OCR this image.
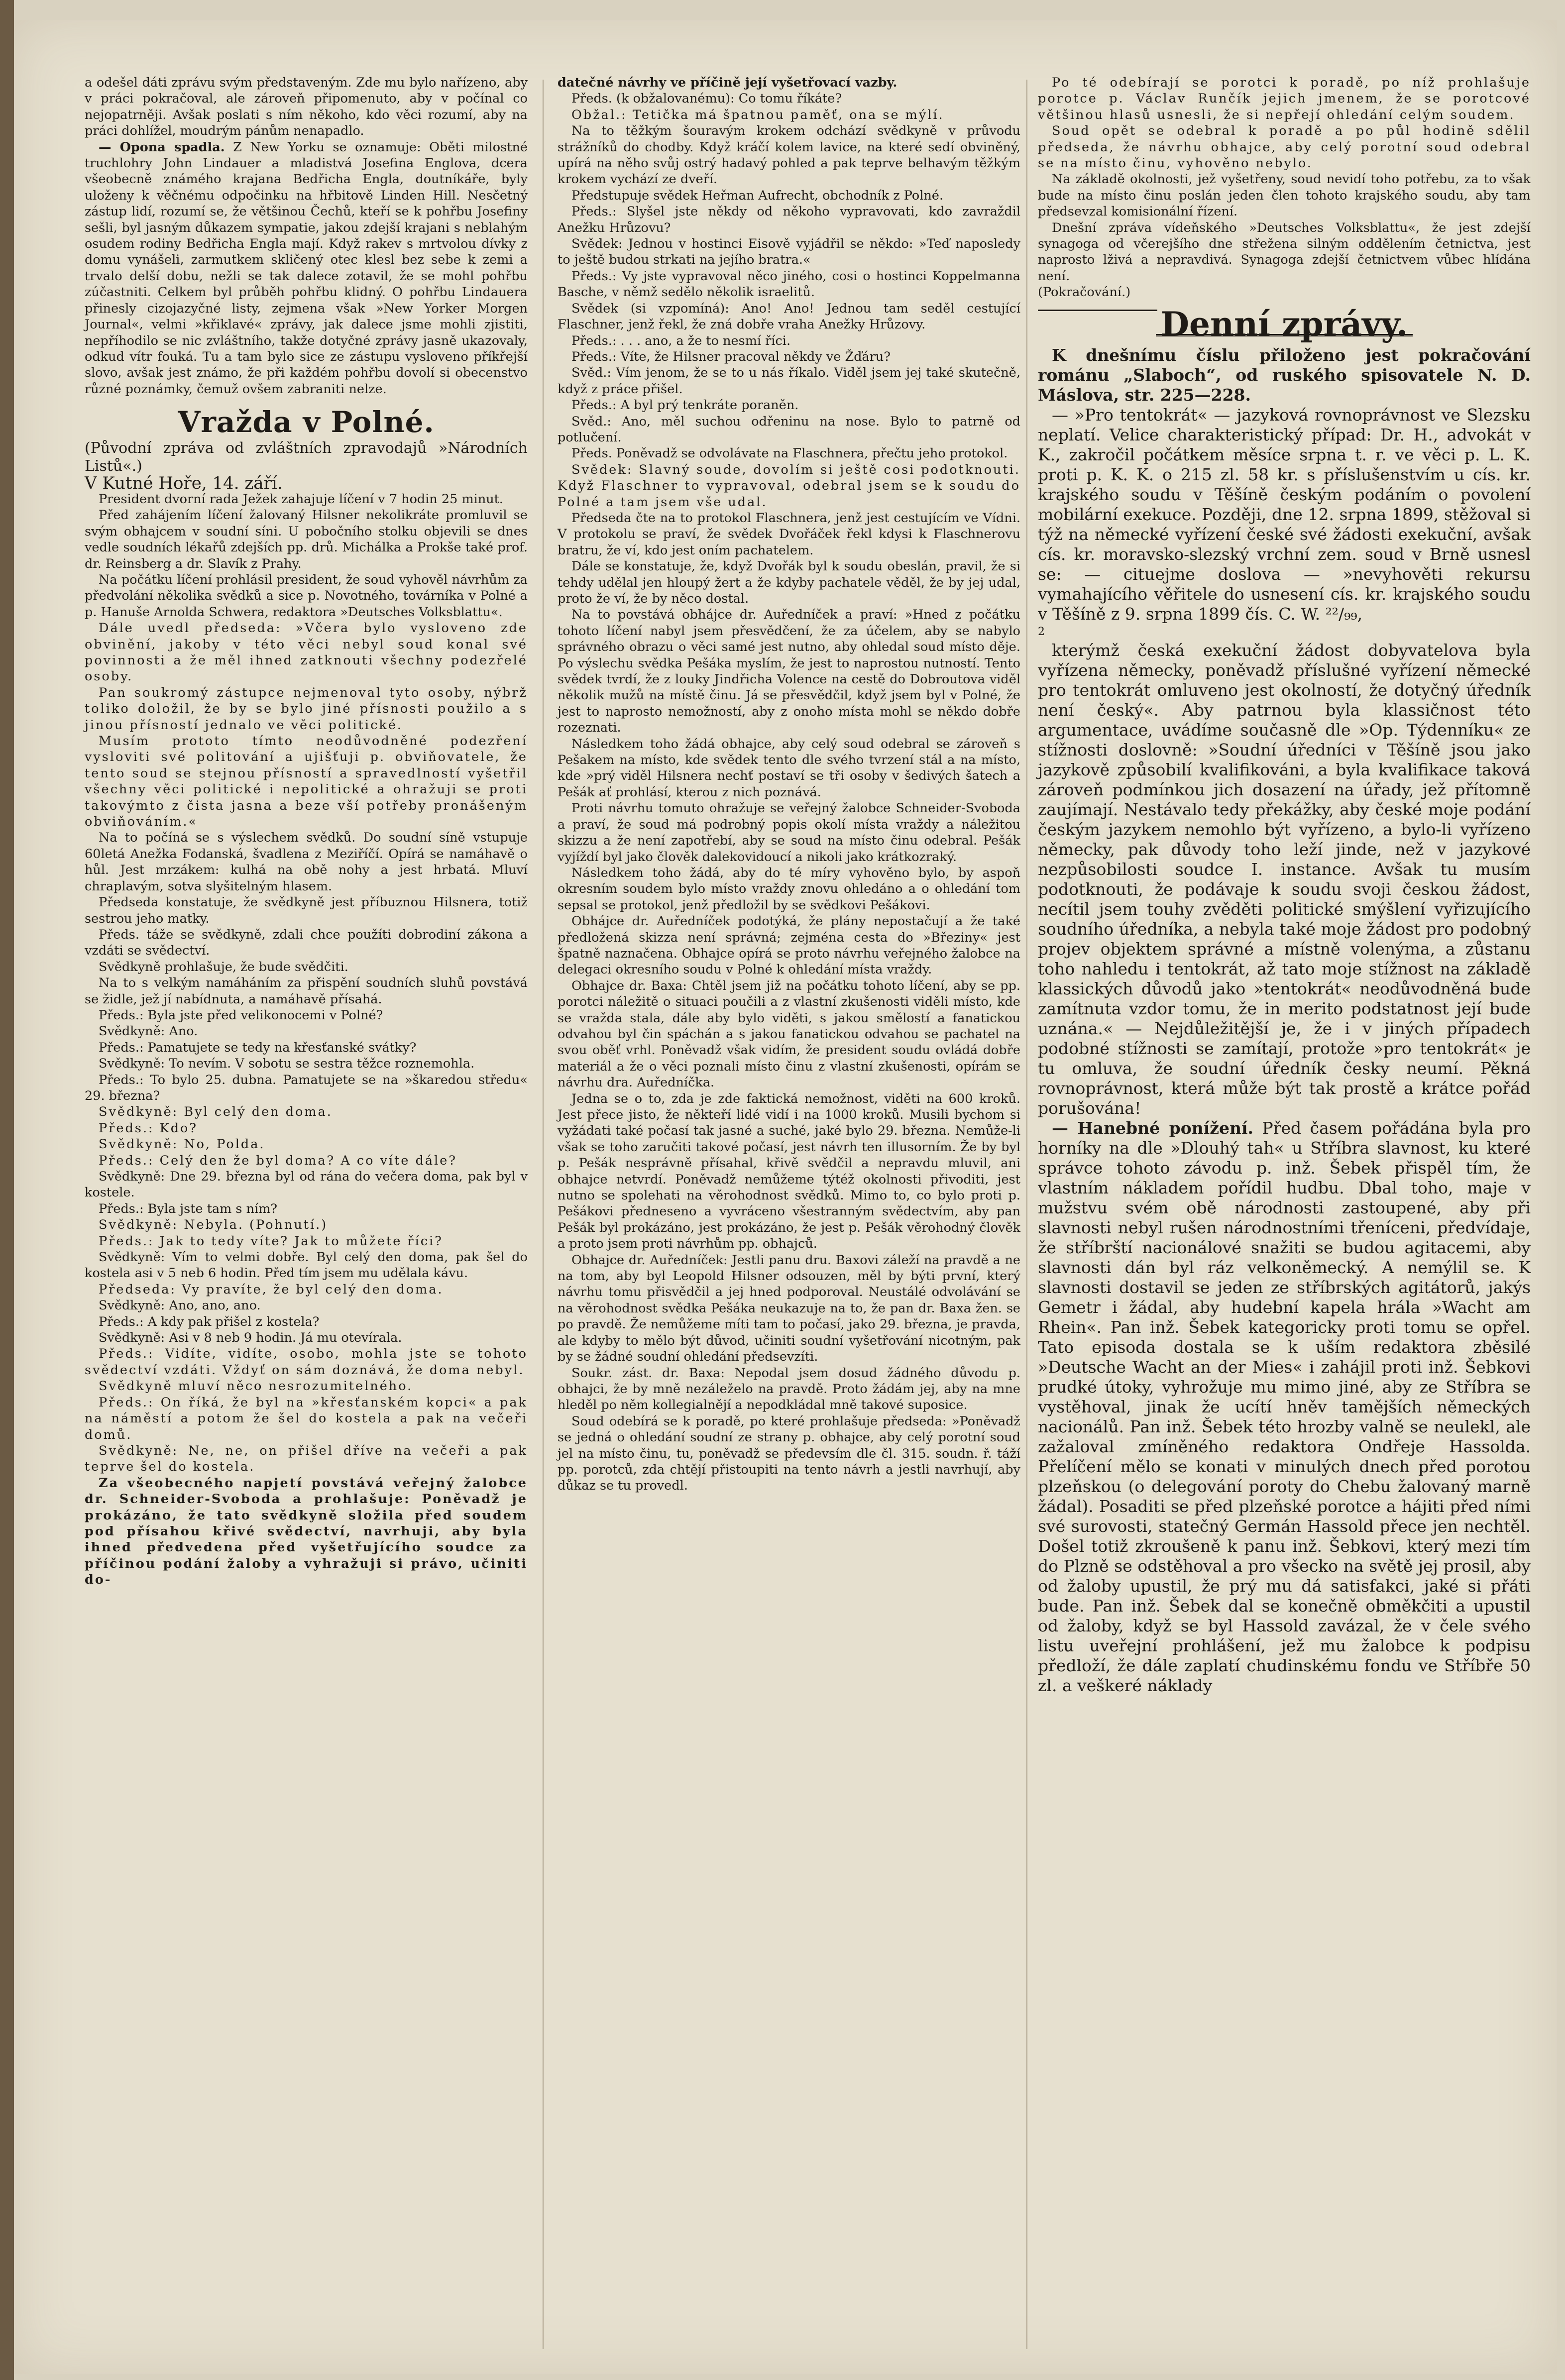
a odešel dáti zprávu svým představeným. Zde mu bylo nařízeno, aby v práci pokračoval, ale zároveň připomenuto, aby v počínal co nejopatrněji. Avšak poslati s ním někoho, kdo věci rozumí, aby na práci dohlížel, moudrým pánům nenapadlo.

— Opona spadla. Z New Yorku se oznamuje: Oběti milostné truchlohry John Lindauer a mladistvá Josefina Englova, dcera všeobecně známého krajana Bedřicha Engla, doutníkáře, byly uloženy k věčnému odpočinku na hřbitově Linden Hill. Nesčetný zástup lidí, rozumí se, že většinou Čechů, kteří se k pohřbu Josefiny sešli, byl jasným důkazem sympatie, jakou zdejší krajani s neblahým osudem rodiny Bedřicha Engla mají. Když rakev s mrtvolou dívky z domu vynášeli, zarmutkem skličený otec klesl bez sebe k zemi a trvalo delší dobu, nežli se tak dalece zotavil, že se mohl pohřbu zúčastniti. Celkem byl průběh pohřbu klidný. O pohřbu Lindauera přinesly cizojazyčné listy, zejmena však »New Yorker Morgen Journal«, velmi »křiklavé« zprávy, jak dalece jsme mohli zjistiti, nepříhodilo se nic zvláštního, takže dotyčné zprávy jasně ukazovaly, odkud vítr fouká. Tu a tam bylo sice ze zástupu vysloveno příkřejší slovo, avšak jest známo, že při každém pohřbu dovolí si obecenstvo různé poznámky, čemuž ovšem zabraniti nelze.

Vražda v Polné.

(Původní zpráva od zvláštních zpravodajů »Národních Listů«.)

V Kutné Hoře, 14. září.

President dvorní rada Ježek zahajuje líčení v 7 hodin 25 minut.

Před zahájením líčení žalovaný Hilsner nekolikráte promluvil se svým obhajcem v soudní síni. U pobočního stolku objevili se dnes vedle soudních lékařů zdejších pp. drů. Michálka a Prokše také prof. dr. Reinsberg a dr. Slavík z Prahy.

Na počátku líčení prohlásil president, že soud vyhověl návrhům za předvolání několika svědků a sice p. Novotného, továrníka v Polné a p. Hanuše Arnolda Schwera, redaktora »Deutsches Volksblattu«.

Dále uvedl předseda: »Včera bylo vysloveno zde obvinění, jakoby v této věci nebyl soud konal své povinnosti a že měl ihned zatknouti všechny podezřelé osoby.

Pan soukromý zástupce nejmenoval tyto osoby, nýbrž toliko doložil, že by se bylo jiné přísnosti použilo a s jinou přísností jednalo ve věci politické.

Musím prototo tímto neodůvodněné podezření vysloviti své politování a ujišťuji p. obviňovatele, že tento soud se stejnou přísností a spravedlností vyšetřil všechny věci politické i nepolitické a ohražuji se proti takovýmto z čista jasna a beze vší potřeby pronášeným obviňováním.«

Na to počíná se s výslechem svědků. Do soudní síně vstupuje 60letá Anežka Fodanská, švadlena z Meziříčí. Opírá se namáhavě o hůl. Jest mrzákem: kulhá na obě nohy a jest hrbatá. Mluví chraplavým, sotva slyšitelným hlasem.

Předseda konstatuje, že svědkyně jest příbuznou Hilsnera, totiž sestrou jeho matky.

Předs. táže se svědkyně, zdali chce použíti dobrodiní zákona a vzdáti se svědectví.

Svědkyně prohlašuje, že bude svědčiti.

Na to s velkým namáháním za přispění soudních sluhů povstává se židle, jež jí nabídnuta, a namáhavě přísahá.

Předs.: Byla jste před velikonocemi v Polné?

Svědkyně: Ano.

Předs.: Pamatujete se tedy na křesťanské svátky?

Svědkyně: To nevím. V sobotu se sestra těžce roznemohla.

Předs.: To bylo 25. dubna. Pamatujete se na »škaredou středu« 29. března?

Svědkyně: Byl celý den doma.

Předs.: Kdo?

Svědkyně: No, Polda.

Předs.: Celý den že byl doma? A co víte dále?

Svědkyně: Dne 29. března byl od rána do večera doma, pak byl v kostele.

Předs.: Byla jste tam s ním?

Svědkyně: Nebyla. (Pohnutí.)

Předs.: Jak to tedy víte? Jak to můžete říci?

Svědkyně: Vím to velmi dobře. Byl celý den doma, pak šel do kostela asi v 5 neb 6 hodin. Před tím jsem mu udělala kávu.

Předseda: Vy pravíte, že byl celý den doma.

Svědkyně: Ano, ano, ano.

Předs.: A kdy pak přišel z kostela?

Svědkyně: Asi v 8 neb 9 hodin. Já mu otevírala.

Předs.: Vidíte, vidíte, osobo, mohla jste se tohoto svědectví vzdáti. Vždyť on sám doznává, že doma nebyl.

Svědkyně mluví něco nesrozumitelného.

Předs.: On říká, že byl na »křesťanském kopci« a pak na náměstí a potom že šel do kostela a pak na večeři domů.

Svědkyně: Ne, ne, on přišel dříve na večeři a pak teprve šel do kostela.

Za všeobecného napjetí povstává veřejný žalobce dr. Schneider-Svoboda a prohlašuje: Poněvadž je prokázáno, že tato svědkyně složila před soudem pod přísahou křivé svědectví, navrhuji, aby byla ihned předvedena před vyšetřujícího soudce za příčinou podání žaloby a vyhražuji si právo, učiniti do-

datečné návrhy ve příčině její vyšetřovací vazby.

Předs. (k obžalovanému): Co tomu říkáte?

Obžal.: Tetička má špatnou paměť, ona se mýlí.

Na to těžkým šouravým krokem odchází svědkyně v průvodu strážníků do chodby. Když kráčí kolem lavice, na které sedí obviněný, upírá na něho svůj ostrý hadavý pohled a pak teprve belhavým těžkým krokem vychází ze dveří.

Předstupuje svědek Heřman Aufrecht, obchodník z Polné.

Předs.: Slyšel jste někdy od někoho vypravovati, kdo zavraždil Anežku Hrůzovu?

Svědek: Jednou v hostinci Eisově vyjádřil se někdo: »Teď naposledy to ještě budou strkati na jejího bratra.«

Předs.: Vy jste vypravoval něco jiného, cosi o hostinci Koppelmanna Basche, v němž sedělo několik israelitů.

Svědek (si vzpomíná): Ano! Ano! Jednou tam seděl cestující Flaschner, jenž řekl, že zná dobře vraha Anežky Hrůzovy.

Předs.: . . . ano, a že to nesmí říci.

Předs.: Víte, že Hilsner pracoval někdy ve Žďáru?

Svěd.: Vím jenom, že se to u nás říkalo. Viděl jsem jej také skutečně, když z práce přišel.

Předs.: A byl prý tenkráte poraněn.

Svěd.: Ano, měl suchou odřeninu na nose. Bylo to patrně od potlučení.

Předs. Poněvadž se odvolávate na Flaschnera, přečtu jeho protokol.

Svědek: Slavný soude, dovolím si ještě cosi podotknouti. Když Flaschner to vypravoval, odebral jsem se k soudu do Polné a tam jsem vše udal.

Předseda čte na to protokol Flaschnera, jenž jest cestujícím ve Vídni. V protokolu se praví, že svědek Dvořáček řekl kdysi k Flaschnerovu bratru, že ví, kdo jest oním pachatelem.

Dále se konstatuje, že, když Dvořák byl k soudu obeslán, pravil, že si tehdy udělal jen hloupý žert a že kdyby pachatele věděl, že by jej udal, proto že ví, že by něco dostal.

Na to povstává obhájce dr. Auředníček a praví: »Hned z počátku tohoto líčení nabyl jsem přesvědčení, že za účelem, aby se nabylo správného obrazu o věci samé jest nutno, aby ohledal soud místo děje. Po výslechu svědka Pešáka myslím, že jest to naprostou nutností. Tento svědek tvrdí, že z louky Jindřicha Volence na cestě do Dobroutova viděl několik mužů na místě činu. Já se přesvědčil, když jsem byl v Polné, že jest to naprosto nemožností, aby z onoho místa mohl se někdo dobře rozeznati.

Následkem toho žádá obhajce, aby celý soud odebral se zároveň s Pešakem na místo, kde svědek tento dle svého tvrzení stál a na místo, kde »prý viděl Hilsnera nechť postaví se tři osoby v šedivých šatech a Pešák ať prohlásí, kterou z nich poznává.

Proti návrhu tomuto ohražuje se veřejný žalobce Schneider-Svoboda a praví, že soud má podrobný popis okolí místa vraždy a náležitou skizzu a že není zapotřebí, aby se soud na místo činu odebral. Pešák vyjíždí byl jako člověk dalekovidoucí a nikoli jako krátkozraký.

Následkem toho žádá, aby do té míry vyhověno bylo, by aspoň okresním soudem bylo místo vraždy znovu ohledáno a o ohledání tom sepsal se protokol, jenž předložil by se svědkovi Pešákovi.

Obhájce dr. Auředníček podotýká, že plány nepostačují a že také předložená skizza není správná; zejména cesta do »Březiny« jest špatně naznačena. Obhajce opírá se proto návrhu veřejného žalobce na delegaci okresního soudu v Polné k ohledání místa vraždy.

Obhajce dr. Baxa: Chtěl jsem již na počátku tohoto líčení, aby se pp. porotci náležitě o situaci poučili a z vlastní zkušenosti viděli místo, kde se vražda stala, dále aby bylo viděti, s jakou smělostí a fanatickou odvahou byl čin spáchán a s jakou fanatickou odvahou se pachatel na svou oběť vrhl. Poněvadž však vidím, že president soudu ovládá dobře materiál a že o věci poznali místo činu z vlastní zkušenosti, opírám se návrhu dra. Auředníčka.

Jedna se o to, zda je zde faktická nemožnost, viděti na 600 kroků. Jest přece jisto, že někteří lidé vidí i na 1000 kroků. Musili bychom si vyžádati také počasí tak jasné a suché, jaké bylo 29. března. Nemůže-li však se toho zaručiti takové počasí, jest návrh ten illusorním. Že by byl p. Pešák nesprávně přísahal, křivě svědčil a nepravdu mluvil, ani obhajce netvrdí. Poněvadž nemůžeme týtéž okolnosti přivoditi, jest nutno se spolehati na věrohodnost svědků. Mimo to, co bylo proti p. Pešákovi předneseno a vyvráceno všestranným svědectvím, aby pan Pešák byl prokázáno, jest prokázáno, že jest p. Pešák věrohodný člověk a proto jsem proti návrhům pp. obhajců.

Obhajce dr. Auředníček: Jestli panu dru. Baxovi záleží na pravdě a ne na tom, aby byl Leopold Hilsner odsouzen, měl by býti první, který návrhu tomu přisvědčil a jej hned podporoval. Neustálé odvolávání se na věrohodnost svědka Pešáka neukazuje na to, že pan dr. Baxa žen. se po pravdě. Že nemůžeme míti tam to počasí, jako 29. března, je pravda, ale kdyby to mělo být důvod, učiniti soudní vyšetřování nicotným, pak by se žádné soudní ohledání předsevzíti.

Soukr. zást. dr. Baxa: Nepodal jsem dosud žádného důvodu p. obhajci, že by mně nezáleželo na pravdě. Proto žádám jej, aby na mne hleděl po něm kollegialnějí a nepodkládal mně takové suposice.

Soud odebírá se k poradě, po které prohlašuje předseda: »Poněvadž se jedná o ohledání soudní ze strany p. obhajce, aby celý porotní soud jel na místo činu, tu, poněvadž se předevsím dle čl. 315. soudn. ř. táží pp. porotců, zda chtějí přistoupiti na tento návrh a jestli navrhují, aby důkaz se tu provedl.

Po té odebírají se porotci k poradě, po níž prohlašuje porotce p. Václav Runčík jejich jmenem, že se porotcové většinou hlasů usnesli, že si nepřejí ohledání celým soudem.

Soud opět se odebral k poradě a po půl hodině sdělil předseda, že návrhu obhajce, aby celý porotní soud odebral se na místo činu, vyhověno nebylo.

Na základě okolnosti, jež vyšetřeny, soud nevidí toho potřebu, za to však bude na místo činu poslán jeden člen tohoto krajského soudu, aby tam předsevzal komisionální řízení.

Dnešní zpráva vídeňského »Deutsches Volksblattu«, že jest zdejší synagoga od včerejšího dne střežena silným oddělením četnictva, jest naprosto lživá a nepravdivá. Synagoga zdejší četnictvem vůbec hlídána není.

(Pokračování.)

Denní zprávy.

K dnešnímu číslu přiloženo jest pokračování románu „Slaboch“, od ruského spisovatele N. D. Máslova, str. 225—228.

— »Pro tentokrát« — jazyková rovnoprávnost ve Slezsku neplatí. Velice charakteristický případ: Dr. H., advokát v K., zakročil počátkem měsíce srpna t. r. ve věci p. L. K. proti p. K. K. o 215 zl. 58 kr. s příslušenstvím u cís. kr. krajského soudu v Těšíně českým podáním o povolení mobilární exekuce. Později, dne 12. srpna 1899, stěžoval si týž na německé vyřízení české své žádosti exekuční, avšak cís. kr. moravsko-slezský vrchní zem. soud v Brně usnesl se: — cituejme doslova — »nevyhověti rekursu vymahajícího věřitele do usnesení cís. kr. krajského soudu v Těšíně z 9. srpna 1899 čís. C. W. ²²/₉₉,

2

kterýmž česká exekuční žádost dobyvatelova byla vyřízena německy, poněvadž příslušné vyřízení německé pro tentokrát omluveno jest okolností, že dotyčný úředník není český«. Aby patrnou byla klassičnost této argumentace, uvádíme současně dle »Op. Týdenníku« ze stížnosti doslovně: »Soudní úředníci v Těšíně jsou jako jazykově způsobilí kvalifikováni, a byla kvalifikace taková zároveň podmínkou jich dosazení na úřady, jež přítomně zaujímají. Nestávalo tedy překážky, aby české moje podání českým jazykem nemohlo být vyřízeno, a bylo-li vyřízeno německy, pak důvody toho leží jinde, než v jazykové nezpůsobilosti soudce I. instance. Avšak tu musím podotknouti, že podávaje k soudu svoji českou žádost, necítil jsem touhy zvěděti politické smýšlení vyřizujícího soudního úředníka, a nebyla také moje žádost pro podobný projev objektem správné a místně volenýma, a zůstanu toho nahledu i tentokrát, až tato moje stížnost na základě klassických důvodů jako »tentokrát« neodůvodněná bude zamítnuta vzdor tomu, že in merito podstatnost její bude uznána.« — Nejdůležitější je, že i v jiných případech podobné stížnosti se zamítají, protože »pro tentokrát« je tu omluva, že soudní úředník česky neumí. Pěkná rovnoprávnost, která může být tak prostě a krátce pořád porušována!

— Hanebné ponížení. Před časem pořádána byla pro horníky na dle »Dlouhý tah« u Stříbra slavnost, ku které správce tohoto závodu p. inž. Šebek přispěl tím, že vlastním nákladem pořídil hudbu. Dbal toho, maje v mužstvu svém obě národnosti zastoupené, aby při slavnosti nebyl rušen národnostními třeníceni, předvídaje, že stříbrští nacionálové snažiti se budou agitacemi, aby slavnosti dán byl ráz velkoněmecký. A nemýlil se. K slavnosti dostavil se jeden ze stříbrských agitátorů, jakýs Gemetr i žádal, aby hudební kapela hrála »Wacht am Rhein«. Pan inž. Šebek kategoricky proti tomu se opřel. Tato episoda dostala se k uším redaktora zběsilé »Deutsche Wacht an der Mies« i zahájil proti inž. Šebkovi prudké útoky, vyhrožuje mu mimo jiné, aby ze Stříbra se vystěhoval, jinak že ucítí hněv tamějších německých nacionálů. Pan inž. Šebek této hrozby valně se neulekl, ale zažaloval zmíněného redaktora Ondřeje Hassolda. Přelíčení mělo se konati v minulých dnech před porotou plzeňskou (o delegování poroty do Chebu žalovaný marně žádal). Posaditi se před plzeňské porotce a hájiti před ními své surovosti, statečný Germán Hassold přece jen nechtěl. Došel totiž zkroušeně k panu inž. Šebkovi, který mezi tím do Plzně se odstěhoval a pro všecko na světě jej prosil, aby od žaloby upustil, že prý mu dá satisfakci, jaké si přáti bude. Pan inž. Šebek dal se konečně obměkčiti a upustil od žaloby, když se byl Hassold zavázal, že v čele svého listu uveřejní prohlášení, jež mu žalobce k podpisu předloží, že dále zaplatí chudinskému fondu ve Stříbře 50 zl. a veškeré náklady
